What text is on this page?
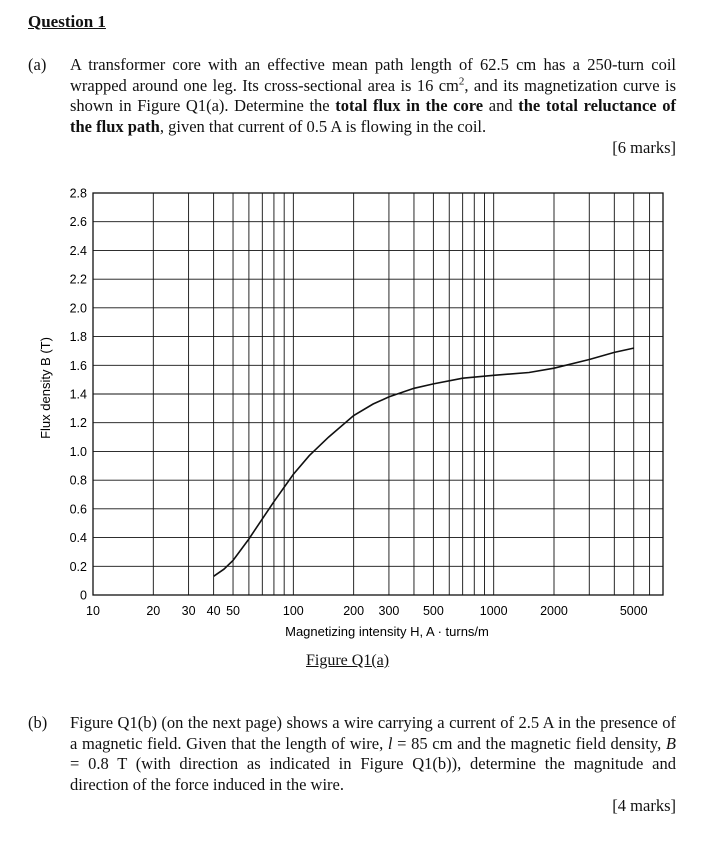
Question 1
(a) A transformer core with an effective mean path length of 62.5 cm has a 250-turn coil wrapped around one leg. Its cross-sectional area is 16 $cm^2$, and its magnetization curve is shown in Figure Q1(a). Determine the total flux in the core and the total reluctance of the flux path, given that current of 0.5 A is flowing in the coil.
[6 marks]
0
0.2
0.4
0.6
0.8
1.0
1.2
1.4
1.6
1.8
2.0
2.2
2.4
2.6
2.8
10	20 30 40 50	100	200 300 500	1000	2000	5000
Magnetizing intensity H, A · turns/m
Flux density B (T)
Figure Q1(a)
(b) Figure Q1(b) (on the next page) shows a wire carrying a current of 2.5 A in the presence of a magnetic field. Given that the length of wire, l = 85 cm and the magnetic field density, B = 0.8 T (with direction as indicated in Figure Q1(b)), determine the magnitude and direction of the force induced in the wire.
[4 marks]
